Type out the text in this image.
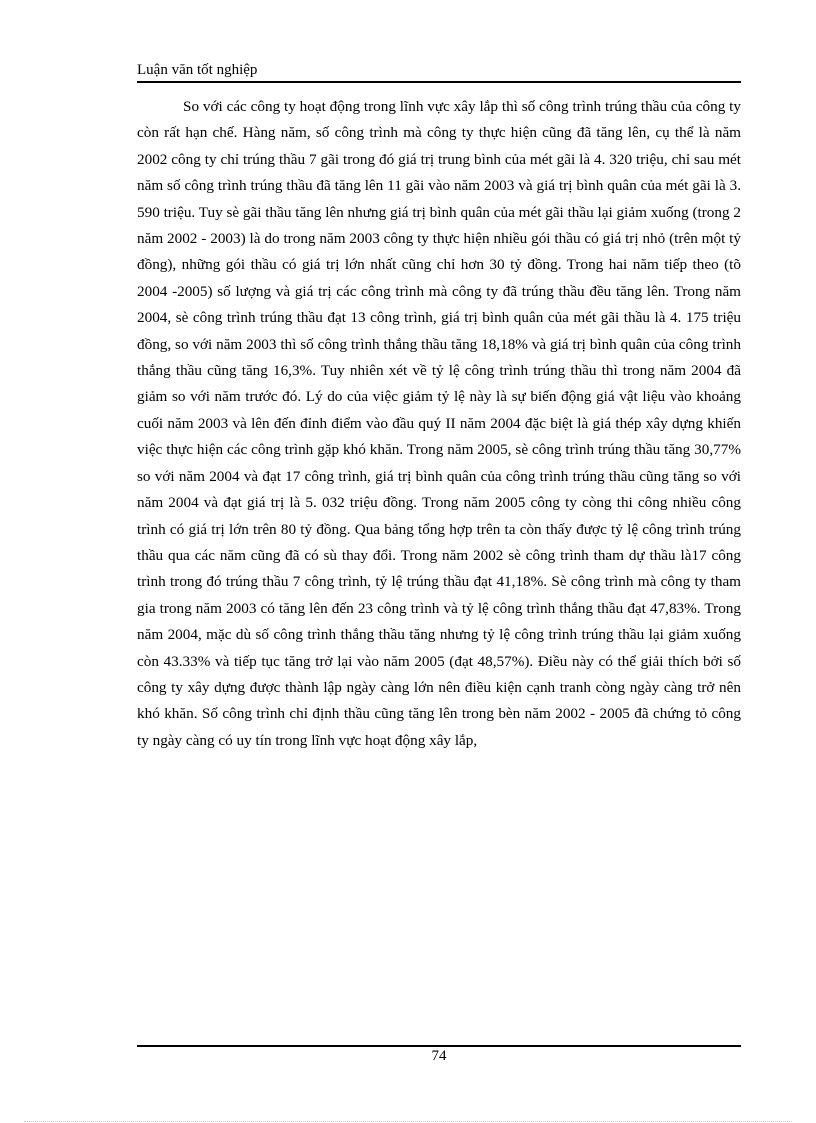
Luận văn tốt nghiệp

So với các công ty hoạt động trong lĩnh vực xây lắp thì số công trình trúng thầu của công ty còn rất hạn chế. Hàng năm, số công trình mà công ty thực hiện cũng đã tăng lên, cụ thể là năm 2002 công ty chỉ trúng thầu 7 gãi trong đó giá trị trung bình của mét gãi là 4. 320 triệu, chỉ sau mét năm số công trình trúng thầu đã tăng lên 11 gãi vào năm 2003 và giá trị bình quân của mét gãi là 3. 590 triệu. Tuy sè gãi thầu tăng lên nhưng giá trị bình quân của mét gãi thầu lại giảm xuống (trong 2 năm 2002 - 2003) là do trong năm 2003 công ty thực hiện nhiều gói thầu có giá trị nhỏ (trên một tỷ đồng), những gói thầu có giá trị lớn nhất cũng chỉ hơn 30 tỷ đồng. Trong hai năm tiếp theo (tõ 2004 -2005) số lượng và giá trị các công trình mà công ty đã trúng thầu đều tăng lên. Trong năm 2004, sè công trình trúng thầu đạt 13 công trình, giá trị bình quân của mét gãi thầu là 4. 175 triệu đồng, so với năm 2003 thì số công trình thắng thầu tăng 18,18% và giá trị bình quân của công trình thắng thầu cũng tăng 16,3%. Tuy nhiên xét về tỷ lệ công trình trúng thầu thì trong năm 2004 đã giảm so với năm trước đó. Lý do của việc giảm tỷ lệ này là sự biến động giá vật liệu vào khoảng cuối năm 2003 và lên đến đỉnh điểm vào đầu quý II năm 2004 đặc biệt là giá thép xây dựng khiến việc thực hiện các công trình gặp khó khăn. Trong năm 2005, sè công trình trúng thầu tăng 30,77% so với năm 2004 và đạt 17 công trình, giá trị bình quân của công trình trúng thầu cũng tăng so với năm 2004 và đạt giá trị là 5. 032 triệu đồng. Trong năm 2005 công ty còng thi công nhiều công trình có giá trị lớn trên 80 tỷ đồng. Qua bảng tổng hợp trên ta còn thấy được tỷ lệ công trình trúng thầu qua các năm cũng đã có sù thay đổi. Trong năm 2002 sè công trình tham dự thầu là17 công trình trong đó trúng thầu 7 công trình, tỷ lệ trúng thầu đạt 41,18%. Sè công trình mà công ty tham gia trong năm 2003 có tăng lên đến 23 công trình và tỷ lệ công trình thắng thầu đạt 47,83%. Trong năm 2004, mặc dù số công trình thắng thầu tăng nhưng tỷ lệ công trình trúng thầu lại giảm xuống còn 43.33% và tiếp tục tăng trở lại vào năm 2005 (đạt 48,57%). Điều này có thể giải thích bởi số công ty xây dựng được thành lập ngày càng lớn nên điều kiện cạnh tranh còng ngày càng trở nên khó khăn. Số công trình chỉ định thầu cũng tăng lên trong bèn năm 2002 - 2005 đã chứng tỏ công ty ngày càng có uy tín trong lĩnh vực hoạt động xây lắp,

74
